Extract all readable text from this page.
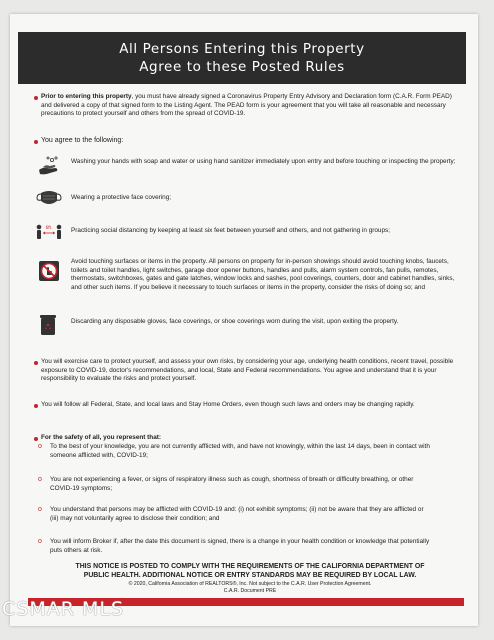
All Persons Entering this Property
Agree to these Posted Rules
Prior to entering this property, you must have already signed a Coronavirus Property Entry Advisory and Declaration form (C.A.R. Form PEAD) and delivered a copy of that signed form to the Listing Agent. The PEAD form is your agreement that you will take all reasonable and necessary precautions to protect yourself and others from the spread of COVID-19.
You agree to the following:
Washing your hands with soap and water or using hand sanitizer immediately upon entry and before touching or inspecting the property;
Wearing a protective face covering;
6ft.	Practicing social distancing by keeping at least six feet between yourself and others, and not gathering in groups;
Avoid touching surfaces or items in the property. All persons on property for in-person showings should avoid touching knobs, faucets, toilets and toilet handles, light switches, garage door opener buttons, handles and pulls, alarm system controls, fan pulls, remotes, thermostats, switchboxes, gates and gate latches, window locks and sashes, pool coverings, counters, door and cabinet handles, sinks, and other such items. If you believe it necessary to touch surfaces or items in the property, consider the risks of doing so; and
Discarding any disposable gloves, face coverings, or shoe coverings worn during the visit, upon exiting the property.
You will exercise care to protect yourself, and assess your own risks, by considering your age, underlying health conditions, recent travel, possible exposure to COVID-19, doctor's recommendations, and local, State and Federal recommendations. You agree and understand that it is your responsibility to evaluate the risks and protect yourself.
You will follow all Federal, State, and local laws and Stay Home Orders, even though such laws and orders may be changing rapidly.
For the safety of all, you represent that:
o To the best of your knowledge, you are not currently afflicted with, and have not knowingly, within the last 14 days, been in contact with someone afflicted with, COVID-19;
o You are not experiencing a fever, or signs of respiratory illness such as cough, shortness of breath or difficulty breathing, or other COVID-19 symptoms;
o You understand that persons may be afflicted with COVID-19 and: (i) not exhibit symptoms; (ii) not be aware that they are afflicted or (iii) may not voluntarily agree to disclose their condition; and
o You will inform Broker if, after the date this document is signed, there is a change in your health condition or knowledge that potentially puts others at risk.
THIS NOTICE IS POSTED TO COMPLY WITH THE REQUIREMENTS OF THE CALIFORNIA DEPARTMENT OF
PUBLIC HEALTH. ADDITIONAL NOTICE OR ENTRY STANDARDS MAY BE REQUIRED BY LOCAL LAW.
© 2020, California Association of REALTORS®, Inc. Not subject to the C.A.R. User Protection Agreement.
C.A.R. Document PRE
CSMAR MLS
